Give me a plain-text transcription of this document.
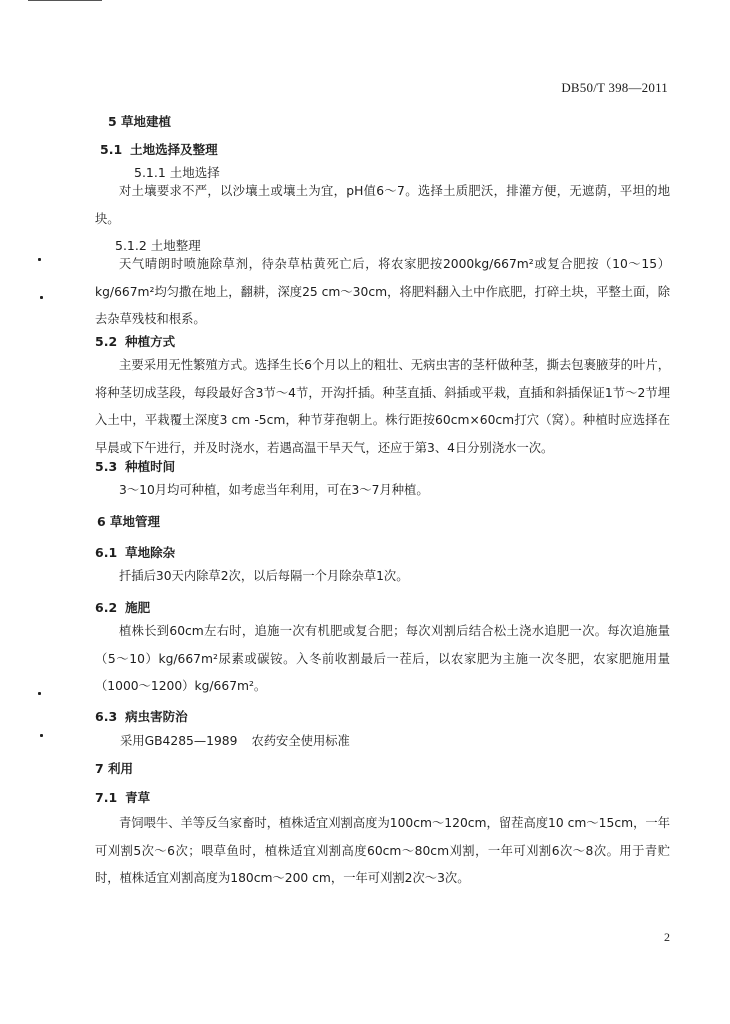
DB50/T 398—2011
5 草地建植
5.1 土地选择及整理
5.1.1 土地选择
对土壤要求不严，以沙壤土或壤土为宜，pH值6～7。选择土质肥沃，排灌方便，无遮荫，平坦的地块。
5.1.2 土地整理
天气晴朗时喷施除草剂，待杂草枯黄死亡后，将农家肥按2000kg/667m²或复合肥按（10～15）kg/667m²均匀撒在地上，翻耕，深度25 cm～30cm，将肥料翻入土中作底肥，打碎土块，平整土面，除去杂草残枝和根系。
5.2 种植方式
主要采用无性繁殖方式。选择生长6个月以上的粗壮、无病虫害的茎杆做种茎，撕去包裹腋芽的叶片，将种茎切成茎段，每段最好含3节～4节，开沟扦插。种茎直插、斜插或平栽，直插和斜插保证1节～2节埋入土中，平栽覆土深度3 cm -5cm，种节芽孢朝上。株行距按60cm×60cm打穴（窝）。种植时应选择在早晨或下午进行，并及时浇水，若遇高温干旱天气，还应于第3、4日分别浇水一次。
5.3 种植时间
3～10月均可种植，如考虑当年利用，可在3～7月种植。
6 草地管理
6.1 草地除杂
扦插后30天内除草2次，以后每隔一个月除杂草1次。
6.2 施肥
植株长到60cm左右时，追施一次有机肥或复合肥；每次刈割后结合松土浇水追肥一次。每次追施量（5～10）kg/667m²尿素或碳铵。入冬前收割最后一茬后，以农家肥为主施一次冬肥，农家肥施用量（1000～1200）kg/667m²。
6.3 病虫害防治
采用GB4285—1989 农药安全使用标准
7 利用
7.1 青草
青饲喂牛、羊等反刍家畜时，植株适宜刈割高度为100cm～120cm，留茬高度10 cm～15cm，一年可刈割5次～6次；喂草鱼时，植株适宜刈割高度60cm～80cm刈割，一年可刈割6次～8次。用于青贮时，植株适宜刈割高度为180cm～200 cm，一年可刈割2次～3次。
2
